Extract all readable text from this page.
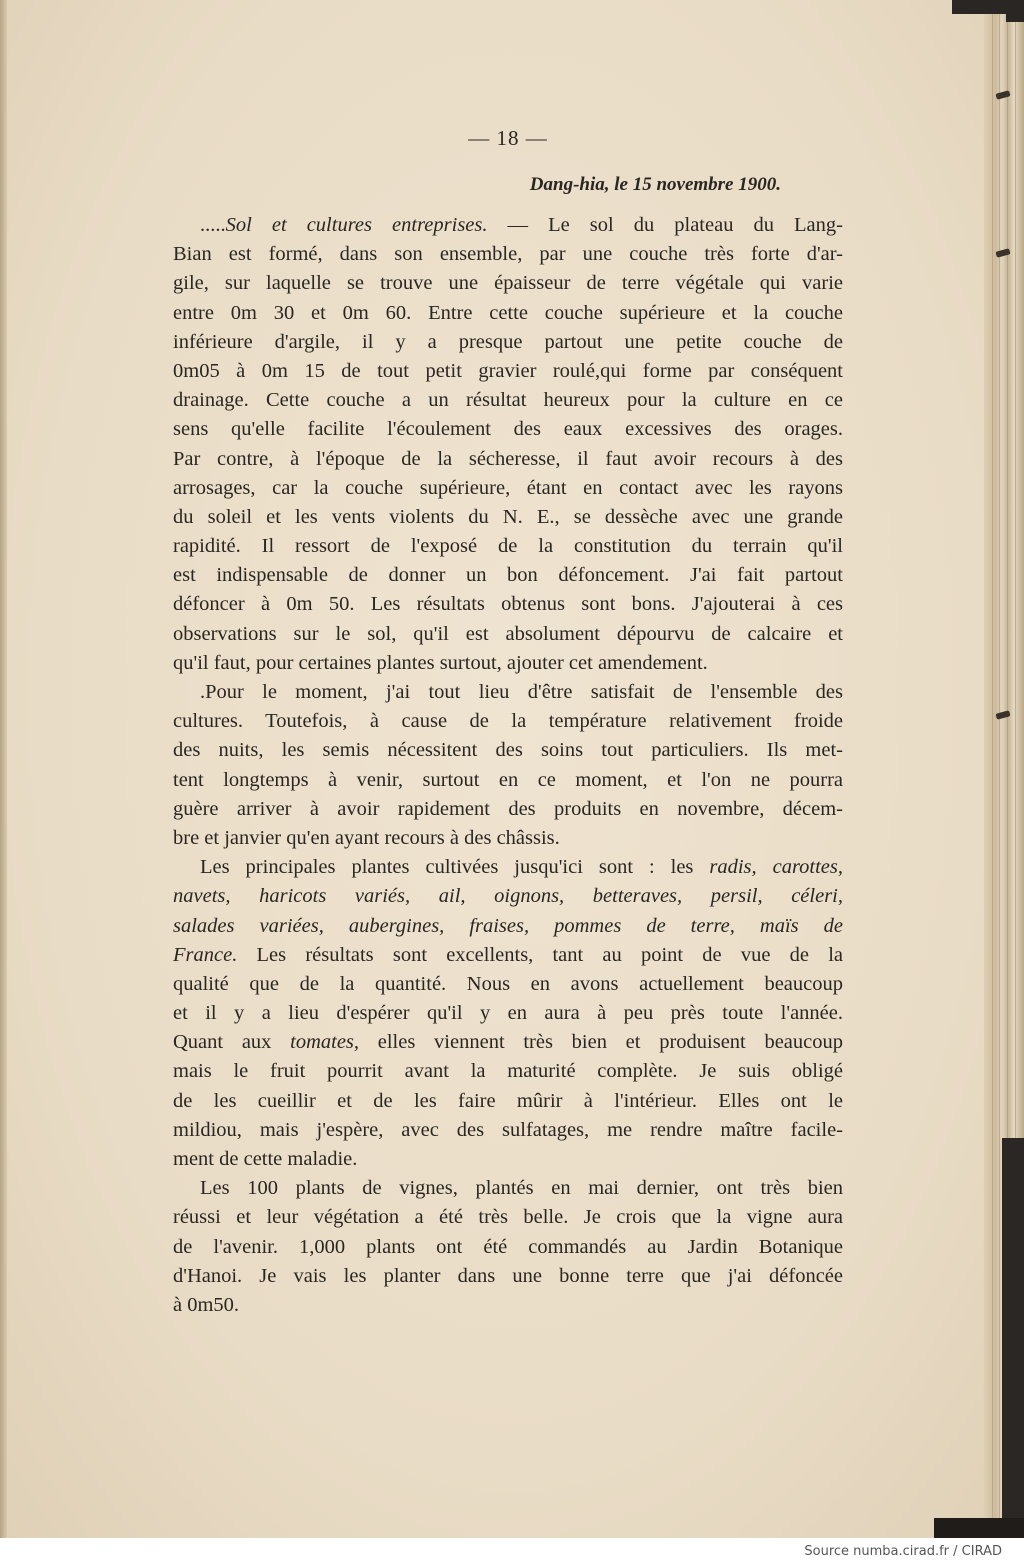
— 18 —
Dang-hia, le 15 novembre 1900.
.....Sol et cultures entreprises. — Le sol du plateau du Lang-
Bian est formé, dans son ensemble, par une couche très forte d'ar-
gile, sur laquelle se trouve une épaisseur de terre végétale qui varie
entre 0m 30 et 0m 60. Entre cette couche supérieure et la couche
inférieure d'argile, il y a presque partout une petite couche de
0m05 à 0m 15 de tout petit gravier roulé,qui forme par conséquent
drainage. Cette couche a un résultat heureux pour la culture en ce
sens qu'elle facilite l'écoulement des eaux excessives des orages.
Par contre, à l'époque de la sécheresse, il faut avoir recours à des
arrosages, car la couche supérieure, étant en contact avec les rayons
du soleil et les vents violents du N. E., se dessèche avec une grande
rapidité. Il ressort de l'exposé de la constitution du terrain qu'il
est indispensable de donner un bon défoncement. J'ai fait partout
défoncer à 0m 50. Les résultats obtenus sont bons. J'ajouterai à ces
observations sur le sol, qu'il est absolument dépourvu de calcaire et
qu'il faut, pour certaines plantes surtout, ajouter cet amendement.
.Pour le moment, j'ai tout lieu d'être satisfait de l'ensemble des
cultures. Toutefois, à cause de la température relativement froide
des nuits, les semis nécessitent des soins tout particuliers. Ils met-
tent longtemps à venir, surtout en ce moment, et l'on ne pourra
guère arriver à avoir rapidement des produits en novembre, décem-
bre et janvier qu'en ayant recours à des châssis.
Les principales plantes cultivées jusqu'ici sont : les radis, carottes,
navets, haricots variés, ail, oignons, betteraves, persil, céleri,
salades variées, aubergines, fraises, pommes de terre, maïs de
France. Les résultats sont excellents, tant au point de vue de la
qualité que de la quantité. Nous en avons actuellement beaucoup
et il y a lieu d'espérer qu'il y en aura à peu près toute l'année.
Quant aux tomates, elles viennent très bien et produisent beaucoup
mais le fruit pourrit avant la maturité complète. Je suis obligé
de les cueillir et de les faire mûrir à l'intérieur. Elles ont le
mildiou, mais j'espère, avec des sulfatages, me rendre maître facile-
ment de cette maladie.
Les 100 plants de vignes, plantés en mai dernier, ont très bien
réussi et leur végétation a été très belle. Je crois que la vigne aura
de l'avenir. 1,000 plants ont été commandés au Jardin Botanique
d'Hanoi. Je vais les planter dans une bonne terre que j'ai défoncée
à 0m50.
Source numba.cirad.fr / CIRAD
